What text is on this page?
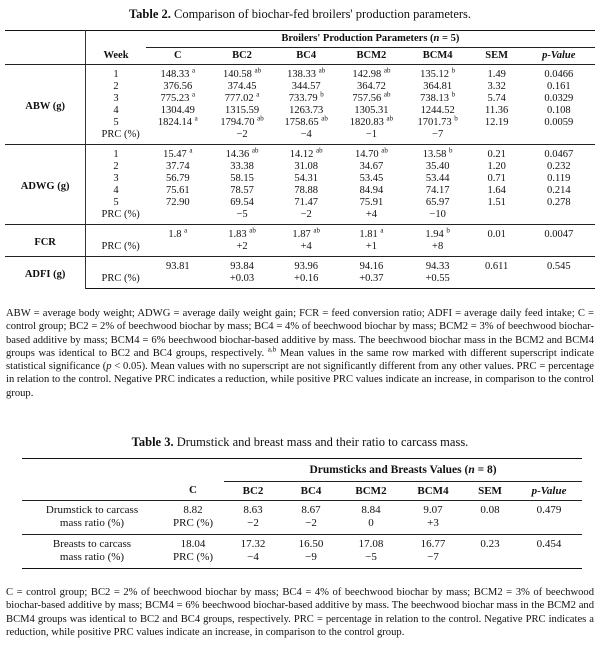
Table 2. Comparison of biochar-fed broilers' production parameters.
		Broilers' Production Parameters (n = 5)						
	Week	C	BC2	BC4	BCM2	BCM4	SEM	p-Value
ABW (g)	1	148.33 $^a$	140.58 $^{ab}$	138.33 $^{ab}$	142.98 $^{ab}$	135.12 $^b$	1.49	0.0466
	2	376.56	374.45	344.57	364.72	364.81	3.32	0.161
	3	775.23 $^a$	777.02 $^a$	733.79 $^b$	757.56 $^{ab}$	738.13 $^b$	5.74	0.0329
	4	1304.49	1315.59	1263.73	1305.31	1244.52	11.36	0.108
	5	1824.14 $^a$	1794.70 $^{ab}$	1758.65 $^{ab}$	1820.83 $^{ab}$	1701.73 $^b$	12.19	0.0059
	PRC (%)		−2	−4	−1	−7		
ADWG (g)	1	15.47 $^a$	14.36 $^{ab}$	14.12 $^{ab}$	14.70 $^{ab}$	13.58 $^b$	0.21	0.0467
	2	37.74	33.38	31.08	34.67	35.40	1.20	0.232
	3	56.79	58.15	54.31	53.45	53.44	0.71	0.119
	4	75.61	78.57	78.88	84.94	74.17	1.64	0.214
	5	72.90	69.54	71.47	75.91	65.97	1.51	0.278
	PRC (%)		−5	−2	+4	−10		
FCR		1.8 $^a$	1.83 $^{ab}$	1.87 $^{ab}$	1.81 $^a$	1.94 $^b$	0.01	0.0047
	PRC (%)		+2	+4	+1	+8		
ADFI (g)		93.81	93.84	93.96	94.16	94.33	0.611	0.545
	PRC (%)		+0.03	+0.16	+0.37	+0.55		
ABW = average body weight; ADWG = average daily weight gain; FCR = feed conversion ratio; ADFI = average daily feed intake; C = control group; BC2 = 2% of beechwood biochar by mass; BC4 = 4% of beechwood biochar by mass; BCM2 = 3% of beechwood biochar-based additive by mass; BCM4 = 6% beechwood biochar-based additive by mass. The beechwood biochar mass in the BCM2 and BCM4 groups was identical to BC2 and BC4 groups, respectively. $^{a,b}$ Mean values in the same row marked with different superscript indicate statistical significance (p < 0.05). Mean values with no superscript are not significantly different from any other values. PRC = percentage in relation to the control. Negative PRC indicates a reduction, while positive PRC values indicate an increase, in comparison to the control group.
Table 3. Drumstick and breast mass and their ratio to carcass mass.
		Drumsticks and Breasts Values (n = 8)					
	C	BC2	BC4	BCM2	BCM4	SEM	p-Value
Drumstick to carcass	8.82	8.63	8.67	8.84	9.07	0.08	0.479
mass ratio (%)	PRC (%)	−2	−2	0	+3		
Breasts to carcass	18.04	17.32	16.50	17.08	16.77	0.23	0.454
mass ratio (%)	PRC (%)	−4	−9	−5	−7		
C = control group; BC2 = 2% of beechwood biochar by mass; BC4 = 4% of beechwood biochar by mass; BCM2 = 3% of beechwood biochar-based additive by mass; BCM4 = 6% beechwood biochar-based additive by mass. The beechwood biochar mass in the BCM2 and BCM4 groups was identical to BC2 and BC4 groups, respectively. PRC = percentage in relation to the control. Negative PRC indicates a reduction, while positive PRC values indicate an increase, in comparison to the control group.
